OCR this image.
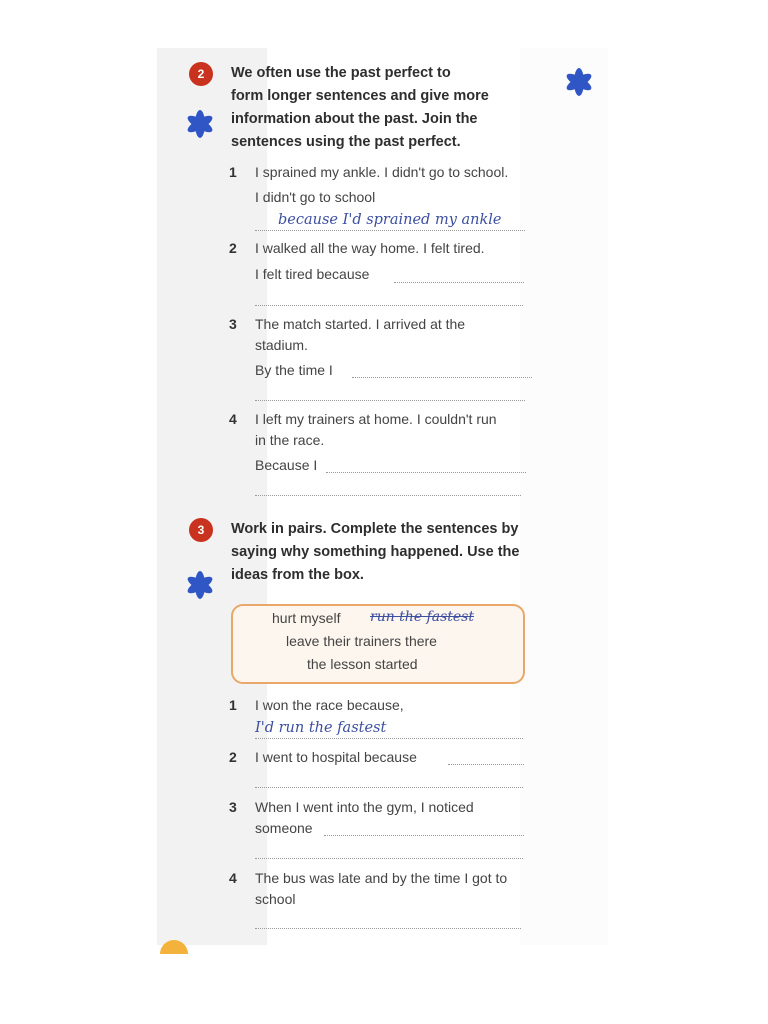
2	We often use the past perfect to
form longer sentences and give more
information about the past. Join the
sentences using the past perfect.
1 I sprained my ankle. I didn't go to school.
I didn't go to school
because I'd sprained my ankle
2 I walked all the way home. I felt tired.
I felt tired because
3 The match started. I arrived at the
stadium.
By the time I
4 I left my trainers at home. I couldn't run
in the race.
Because I
3	Work in pairs. Complete the sentences by
saying why something happened. Use the
ideas from the box.
hurt myself run the fastest
leave their trainers there
the lesson started
1 I won the race because,
I'd run the fastest
2 I went to hospital because
3 When I went into the gym, I noticed
someone
4 The bus was late and by the time I got to
school
